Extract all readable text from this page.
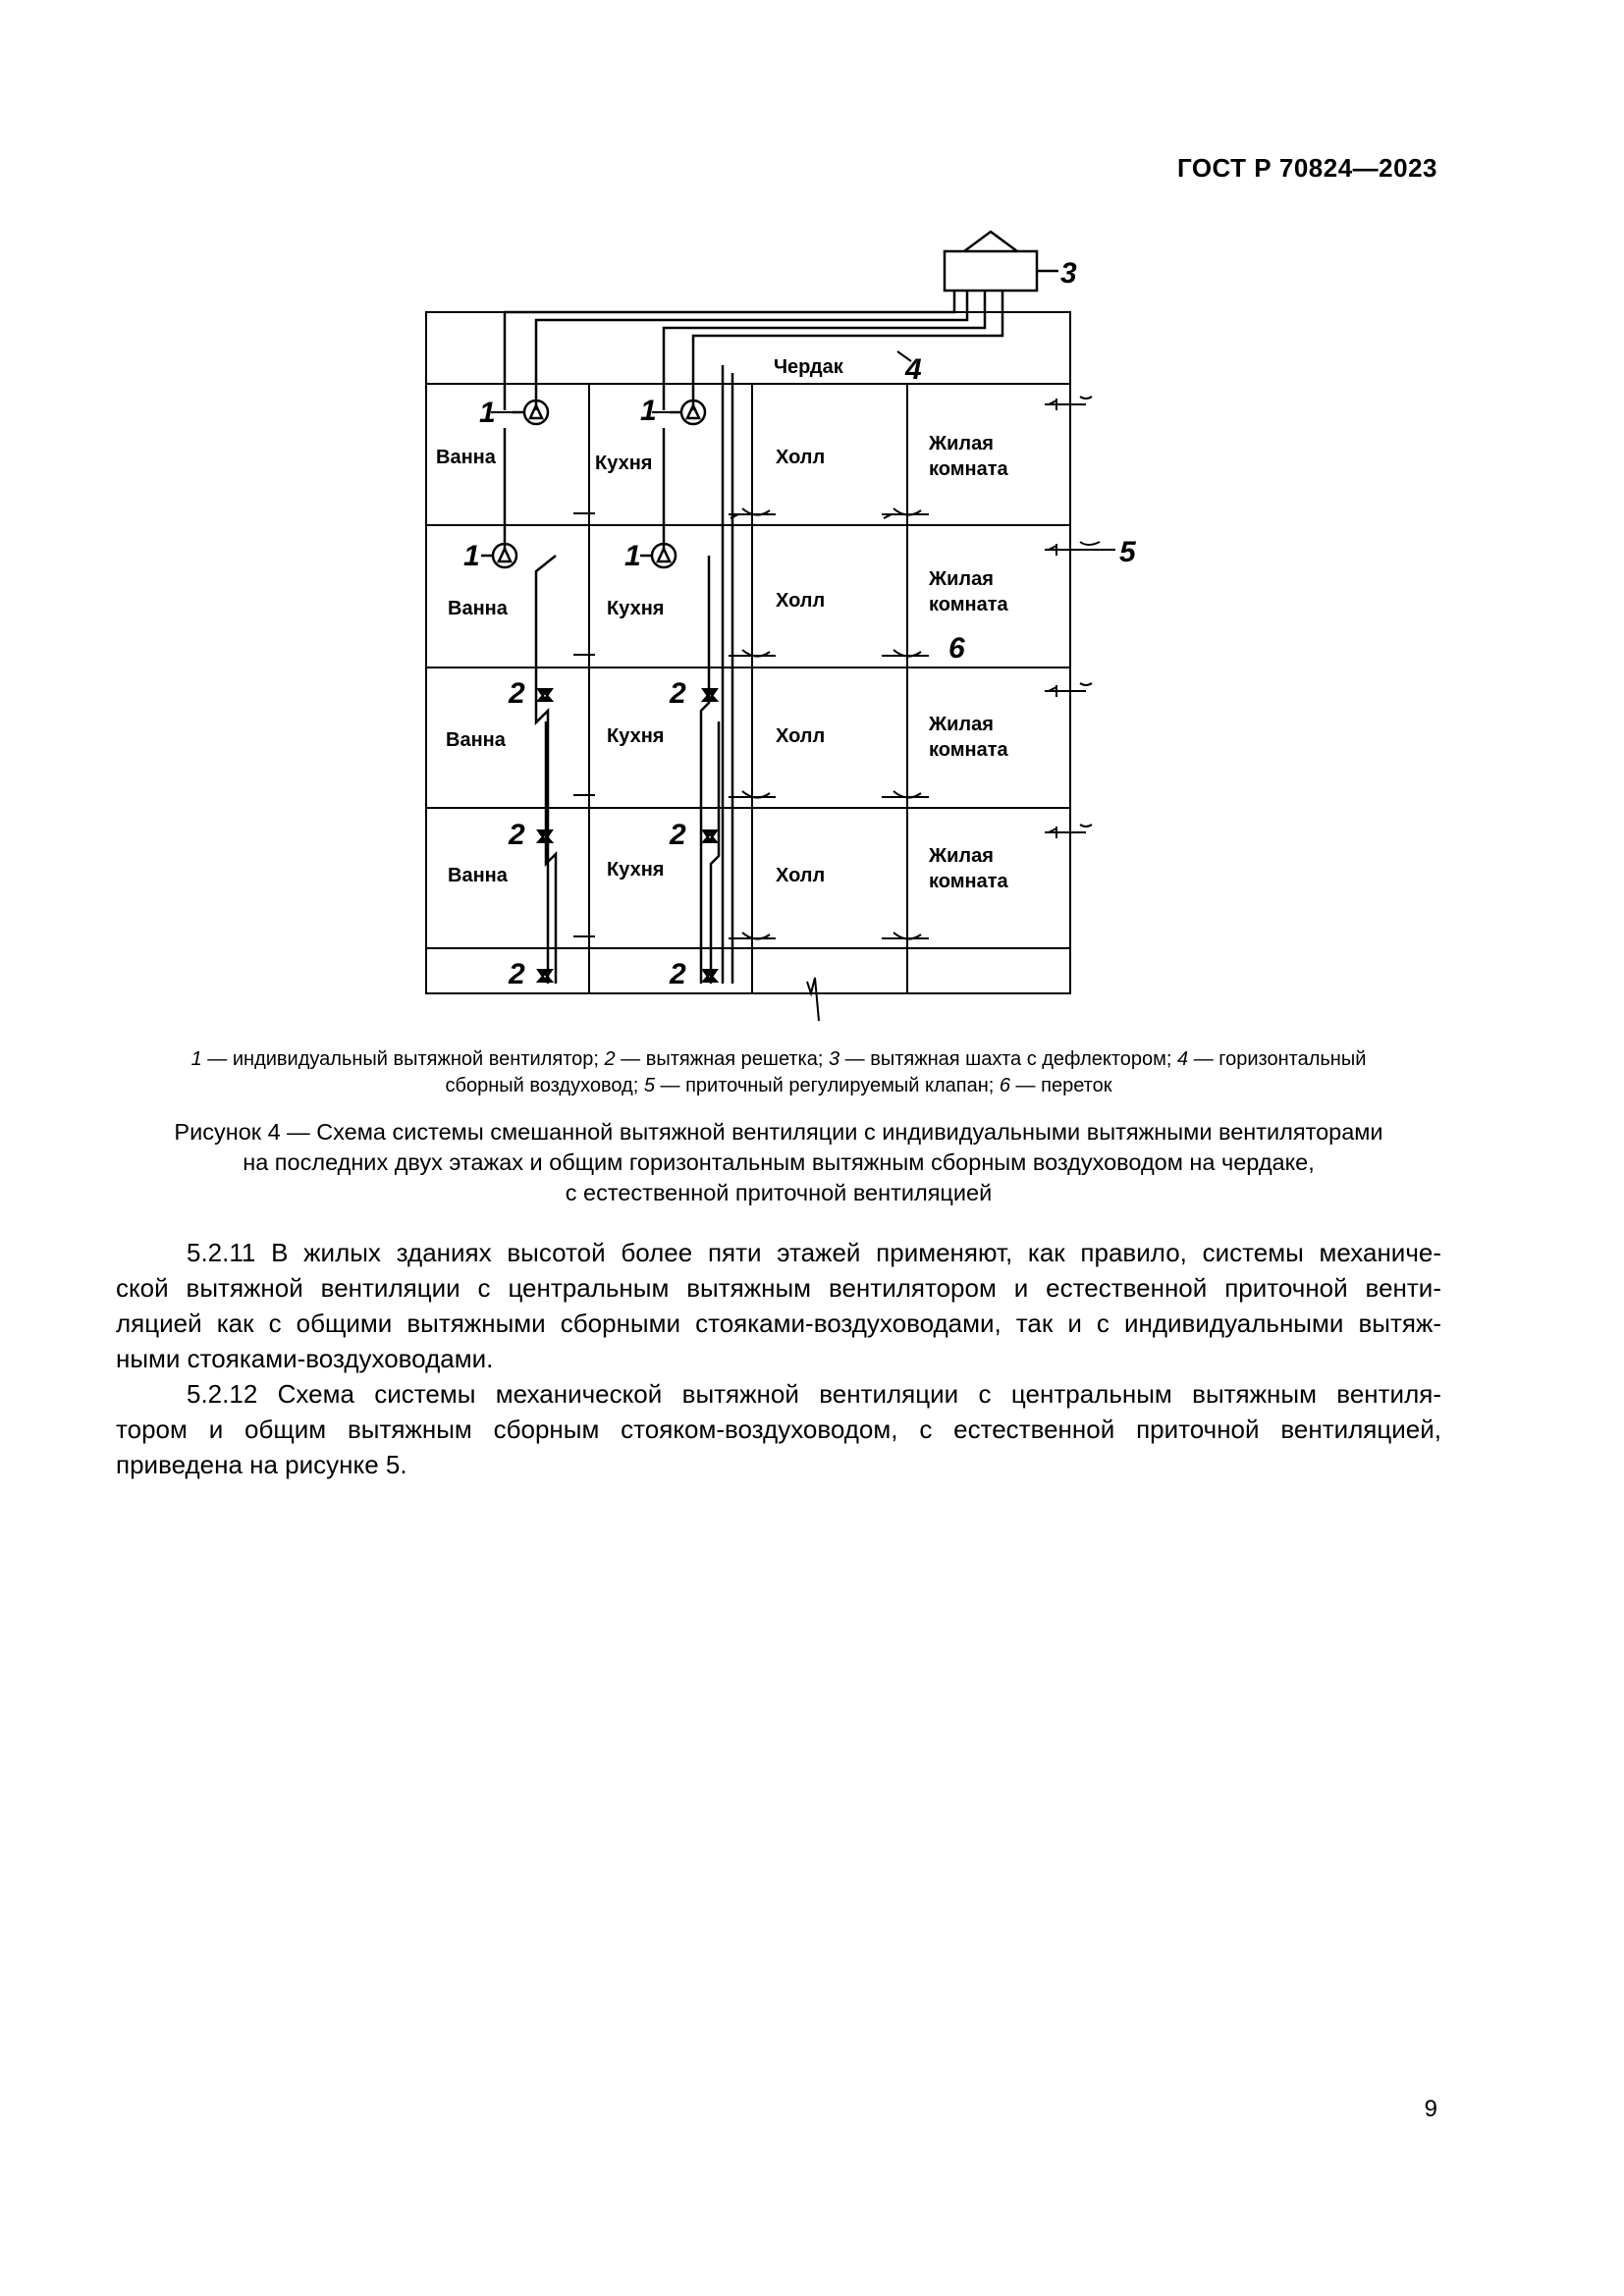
ГОСТ Р 70824—2023
3
4
1	1
1	1	5
6
2	2
2	2
2	2
Чердак
Ванна	Кухня	Холл
Жилая
комната
Ванна	Кухня	Холл
Жилая
комната
Ванна	Кухня	Холл
Жилая
комната
Ванна	Кухня	Холл
Жилая
комната
1 — индивидуальный вытяжной вентилятор; 2 — вытяжная решетка; 3 — вытяжная шахта с дефлектором; 4 — горизонтальный
сборный воздуховод; 5 — приточный регулируемый клапан; 6 — переток
Рисунок 4 — Схема системы смешанной вытяжной вентиляции с индивидуальными вытяжными вентиляторами
на последних двух этажах и общим горизонтальным вытяжным сборным воздуховодом на чердаке,
с естественной приточной вентиляцией
5.2.11 В жилых зданиях высотой более пяти этажей применяют, как правило, системы механиче-
ской вытяжной вентиляции с центральным вытяжным вентилятором и естественной приточной венти-
ляцией как с общими вытяжными сборными стояками-воздуховодами, так и с индивидуальными вытяж-
ными стояками-воздуховодами.
5.2.12 Схема системы механической вытяжной вентиляции с центральным вытяжным вентиля-
тором и общим вытяжным сборным стояком-воздуховодом, с естественной приточной вентиляцией,
приведена на рисунке 5.
9
